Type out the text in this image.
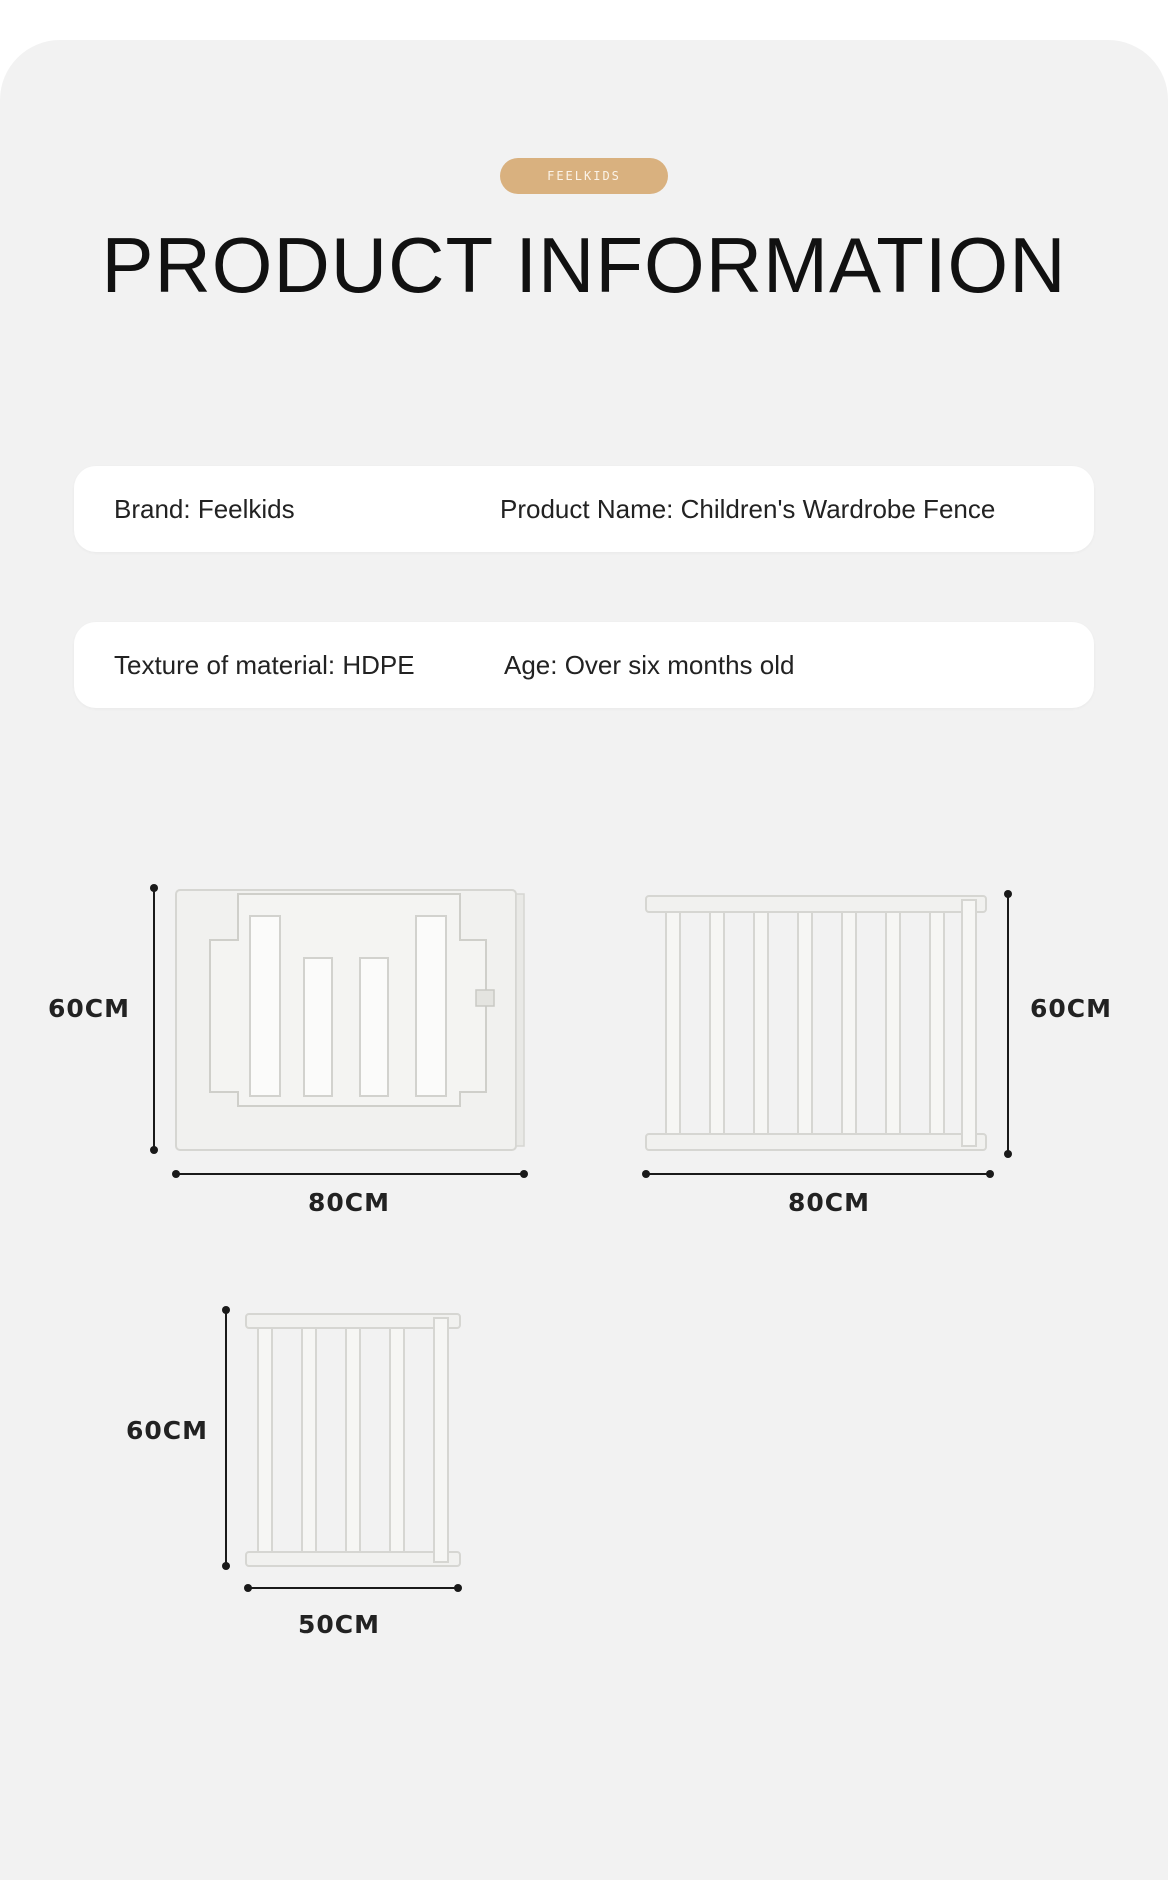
FEELKIDS
PRODUCT INFORMATION
Brand: Feelkids	Product Name: Children's Wardrobe Fence
Texture of material: HDPE	Age: Over six months old
60CM
80CM
60CM
80CM
60CM
50CM
